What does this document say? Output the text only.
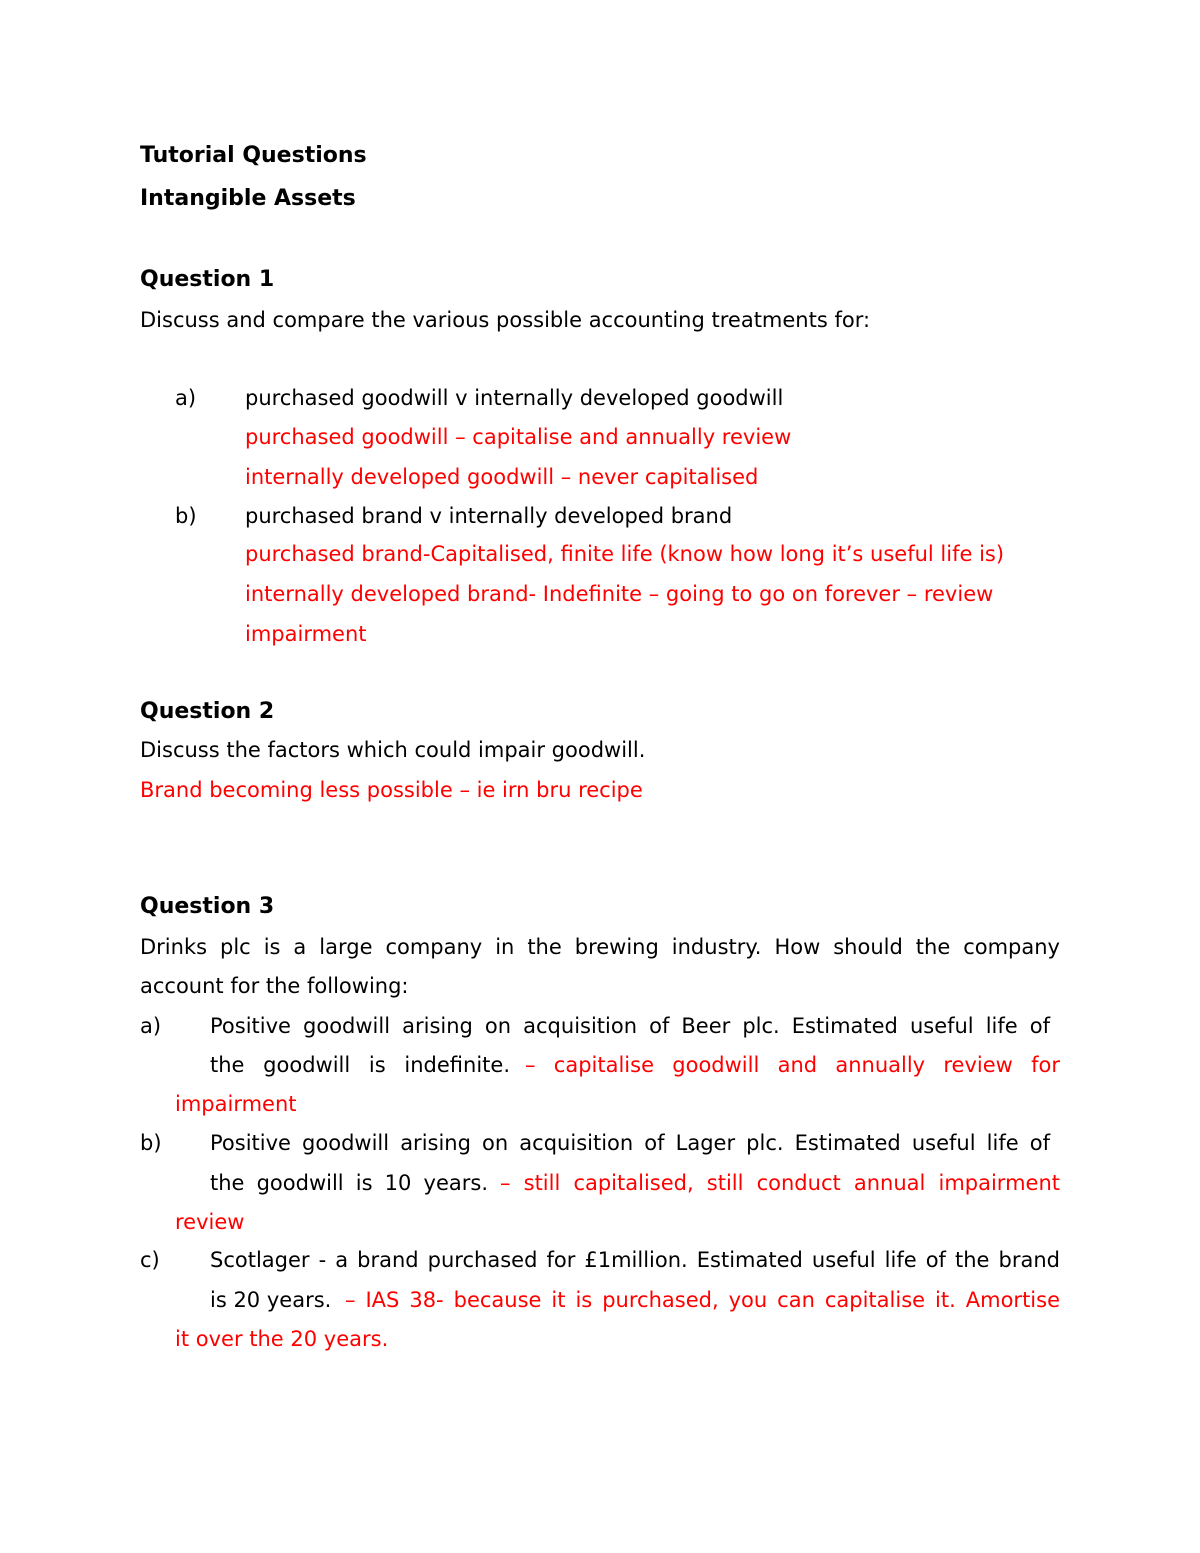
Tutorial Questions
Intangible Assets
Question 1
Discuss and compare the various possible accounting treatments for:
a) purchased goodwill v internally developed goodwill
purchased goodwill – capitalise and annually review
internally developed goodwill – never capitalised
b) purchased brand v internally developed brand
purchased brand-Capitalised, finite life (know how long it’s useful life is)
internally developed brand- Indefinite – going to go on forever – review
impairment
Question 2
Discuss the factors which could impair goodwill.
Brand becoming less possible – ie irn bru recipe
Question 3
Drinks plc is a large company in the brewing industry. How should the company
account for the following:
a) Positive goodwill arising on acquisition of Beer plc. Estimated useful life of
the goodwill is indefinite. – capitalise goodwill and annually review for
impairment
b) Positive goodwill arising on acquisition of Lager plc. Estimated useful life of
the goodwill is 10 years. – still capitalised, still conduct annual impairment
review
c) Scotlager - a brand purchased for £1million. Estimated useful life of the brand
is 20 years. – IAS 38- because it is purchased, you can capitalise it. Amortise
it over the 20 years.
